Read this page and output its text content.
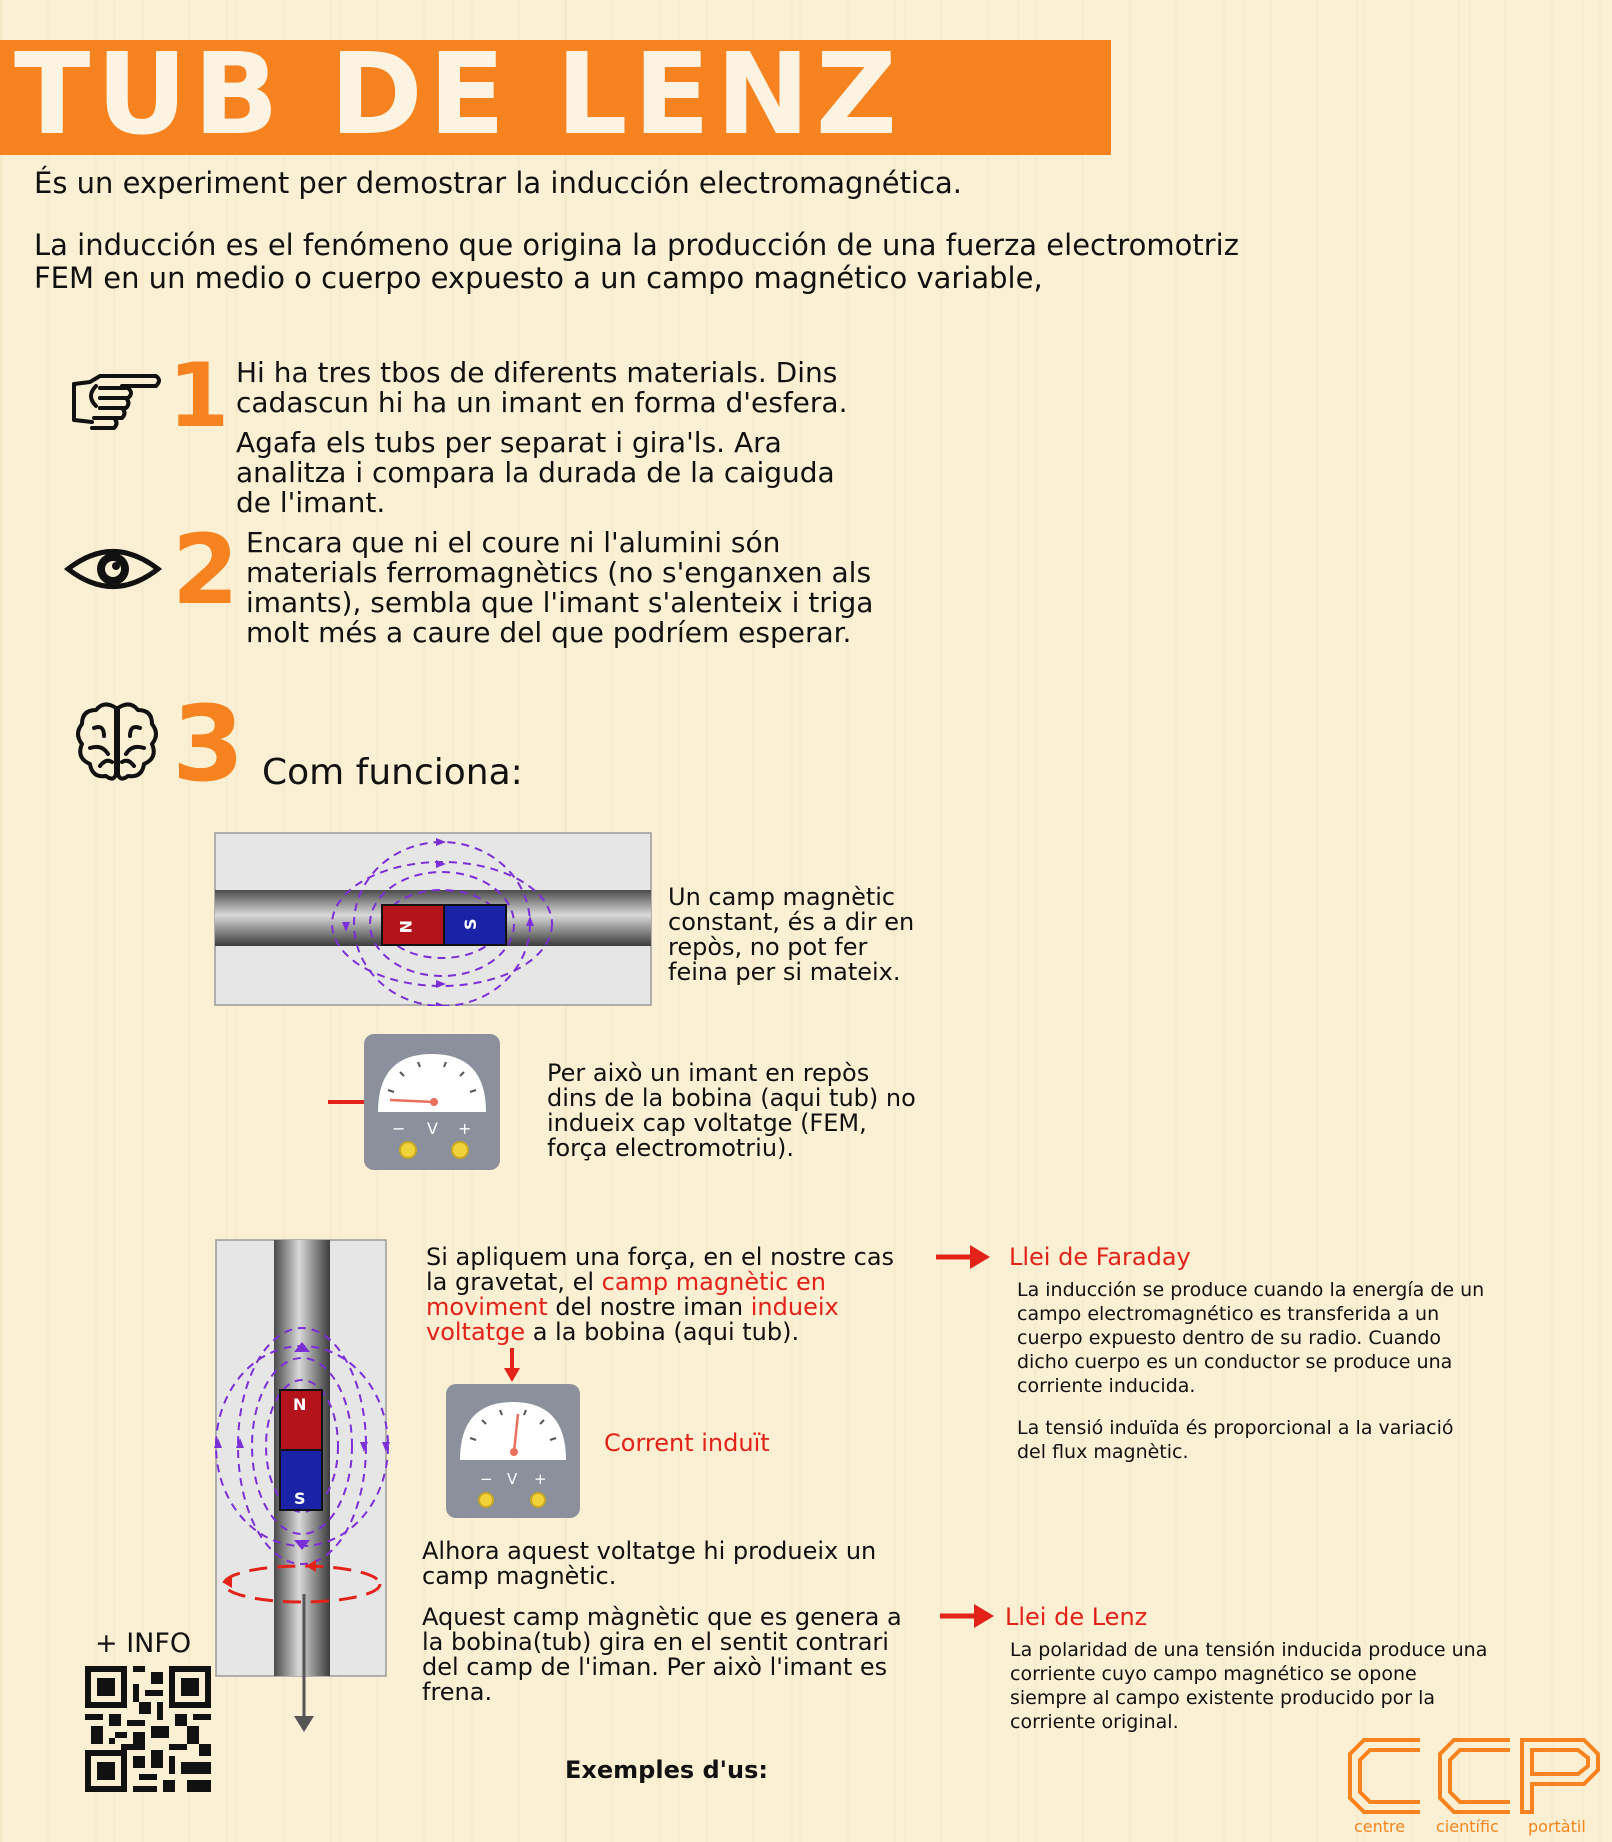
TUB DE LENZ
És un experiment per demostrar la inducción electromagnética.
La inducción es el fenómeno que origina la producción de una fuerza electromotriz
FEM en un medio o cuerpo expuesto a un campo magnético variable,
1 Hi ha tres tbos de diferents materials. Dins cadascun hi ha un imant en forma d'esfera.
Agafa els tubs per separat i gira'ls. Ara analitza i compara la durada de la caiguda de l'imant.
2 Encara que ni el coure ni l'alumini són materials ferromagnètics (no s'enganxen als imants), sembla que l'imant s'alenteix i triga molt més a caure del que podríem esperar.
3 Com funciona:
N	S
Un camp magnètic constant, és a dir en repòs, no pot fer feina per si mateix.
− V +
Per això un imant en repòs dins de la bobina (aqui tub) no indueix cap voltatge (FEM, força electromotriu).
N
S
Si apliquem una força, en el nostre cas la gravetat, el camp magnètic en moviment del nostre iman indueix voltatge a la bobina (aqui tub).
− V +
Corrent induït
Alhora aquest voltatge hi produeix un camp magnètic.
Aquest camp màgnètic que es genera a la bobina(tub) gira en el sentit contrari del camp de l'iman. Per això l'imant es frena.
Llei de Faraday
La inducción se produce cuando la energía de un campo electromagnético es transferida a un cuerpo expuesto dentro de su radio. Cuando dicho cuerpo es un conductor se produce una corriente inducida.
La tensió induïda és proporcional a la variació del flux magnètic.
Llei de Lenz
La polaridad de una tensión inducida produce una corriente cuyo campo magnético se opone siempre al campo existente producido por la corriente original.
+ INFO
Exemples d'us:
centre científic portàtil
